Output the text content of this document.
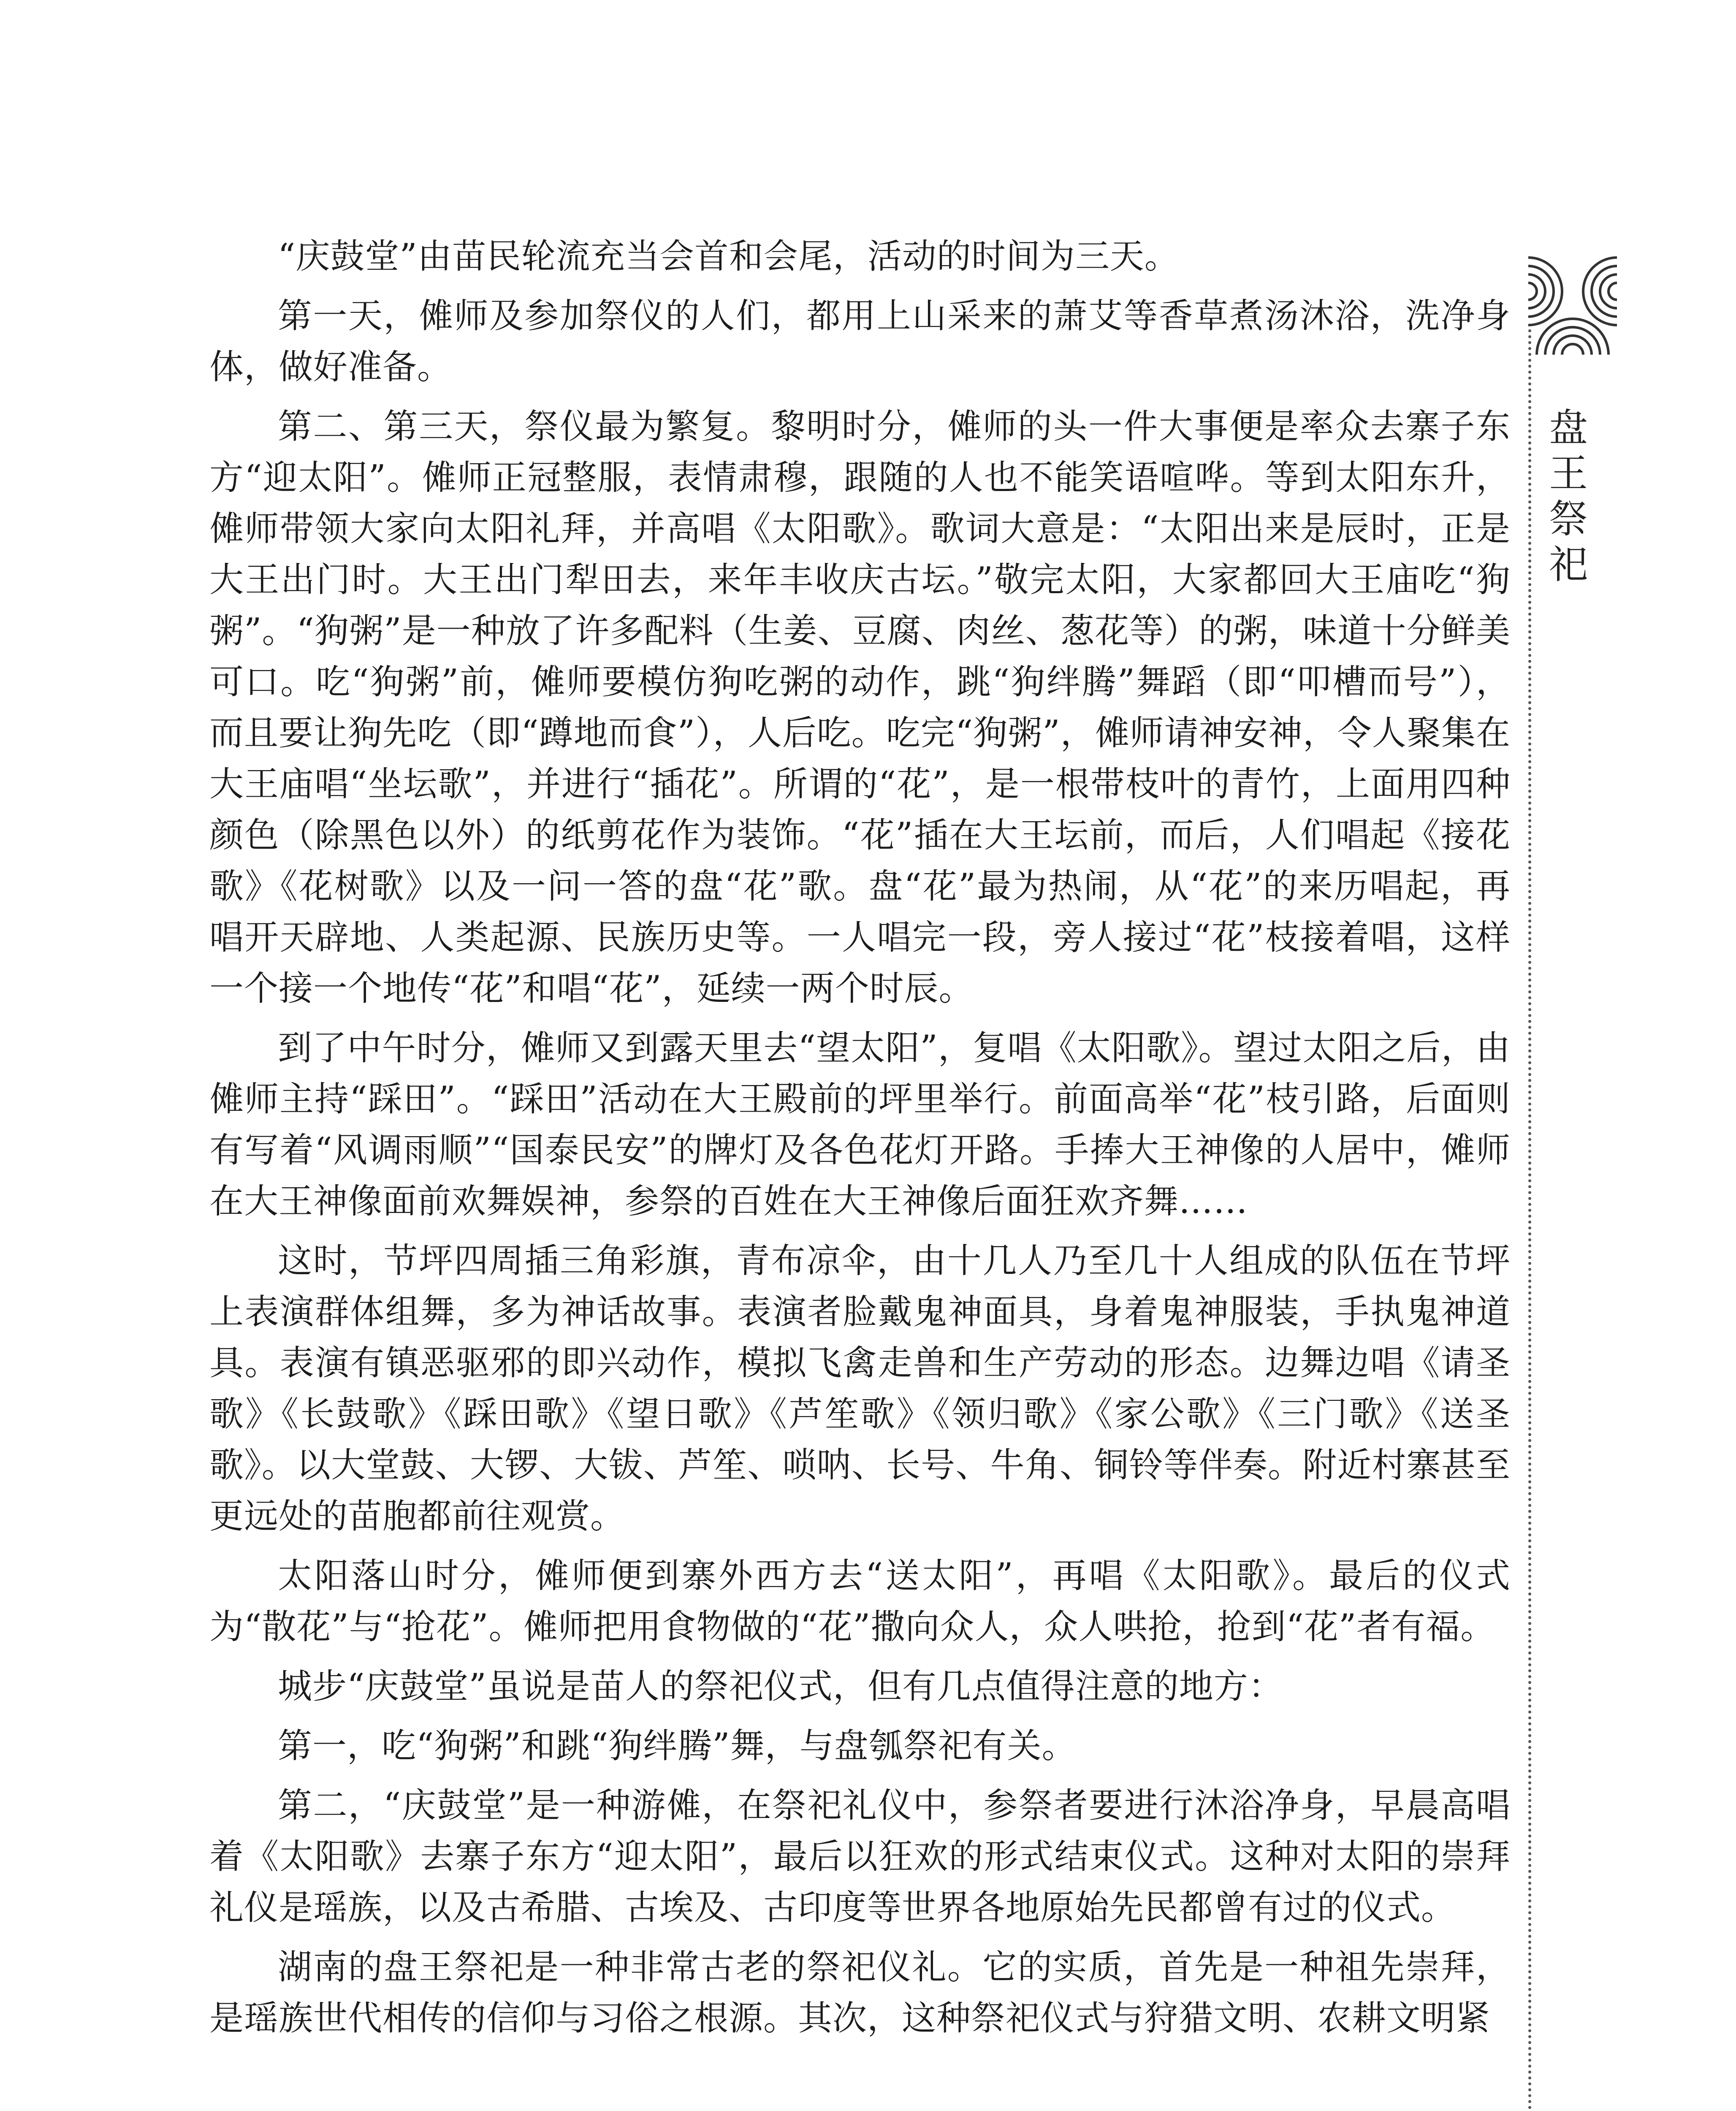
“庆鼓堂”由苗民轮流充当会首和会尾，活动的时间为三天。

第一天，傩师及参加祭仪的人们，都用上山采来的萧艾等香草煮汤沐浴，洗净身体，做好准备。

第二、第三天，祭仪最为繁复。黎明时分，傩师的头一件大事便是率众去寨子东方“迎太阳”。傩师正冠整服，表情肃穆，跟随的人也不能笑语喧哗。等到太阳东升，傩师带领大家向太阳礼拜，并高唱《太阳歌》。歌词大意是：“太阳出来是辰时，正是大王出门时。大王出门犁田去，来年丰收庆古坛。”敬完太阳，大家都回大王庙吃“狗粥”。“狗粥”是一种放了许多配料（生姜、豆腐、肉丝、葱花等）的粥，味道十分鲜美可口。吃“狗粥”前，傩师要模仿狗吃粥的动作，跳“狗绊腾”舞蹈（即“叩槽而号”），而且要让狗先吃（即“蹲地而食”），人后吃。吃完“狗粥”，傩师请神安神，令人聚集在大王庙唱“坐坛歌”，并进行“插花”。所谓的“花”，是一根带枝叶的青竹，上面用四种颜色（除黑色以外）的纸剪花作为装饰。“花”插在大王坛前，而后，人们唱起《接花歌》《花树歌》以及一问一答的盘“花”歌。盘“花”最为热闹，从“花”的来历唱起，再唱开天辟地、人类起源、民族历史等。一人唱完一段，旁人接过“花”枝接着唱，这样一个接一个地传“花”和唱“花”，延续一两个时辰。

到了中午时分，傩师又到露天里去“望太阳”，复唱《太阳歌》。望过太阳之后，由傩师主持“踩田”。“踩田”活动在大王殿前的坪里举行。前面高举“花”枝引路，后面则有写着“风调雨顺”“国泰民安”的牌灯及各色花灯开路。手捧大王神像的人居中，傩师在大王神像面前欢舞娱神，参祭的百姓在大王神像后面狂欢齐舞……

这时，节坪四周插三角彩旗，青布凉伞，由十几人乃至几十人组成的队伍在节坪上表演群体组舞，多为神话故事。表演者脸戴鬼神面具，身着鬼神服装，手执鬼神道具。表演有镇恶驱邪的即兴动作，模拟飞禽走兽和生产劳动的形态。边舞边唱《请圣歌》《长鼓歌》《踩田歌》《望日歌》《芦笙歌》《领归歌》《家公歌》《三门歌》《送圣歌》。以大堂鼓、大锣、大钹、芦笙、唢呐、长号、牛角、铜铃等伴奏。附近村寨甚至更远处的苗胞都前往观赏。

太阳落山时分，傩师便到寨外西方去“送太阳”，再唱《太阳歌》。最后的仪式为“散花”与“抢花”。傩师把用食物做的“花”撒向众人，众人哄抢，抢到“花”者有福。

城步“庆鼓堂”虽说是苗人的祭祀仪式，但有几点值得注意的地方：

第一，吃“狗粥”和跳“狗绊腾”舞，与盘瓠祭祀有关。

第二，“庆鼓堂”是一种游傩，在祭祀礼仪中，参祭者要进行沐浴净身，早晨高唱着《太阳歌》去寨子东方“迎太阳”，最后以狂欢的形式结束仪式。这种对太阳的崇拜礼仪是瑶族，以及古希腊、古埃及、古印度等世界各地原始先民都曾有过的仪式。

湖南的盘王祭祀是一种非常古老的祭祀仪礼。它的实质，首先是一种祖先崇拜，是瑶族世代相传的信仰与习俗之根源。其次，这种祭祀仪式与狩猎文明、农耕文明紧

盘王祭祀
